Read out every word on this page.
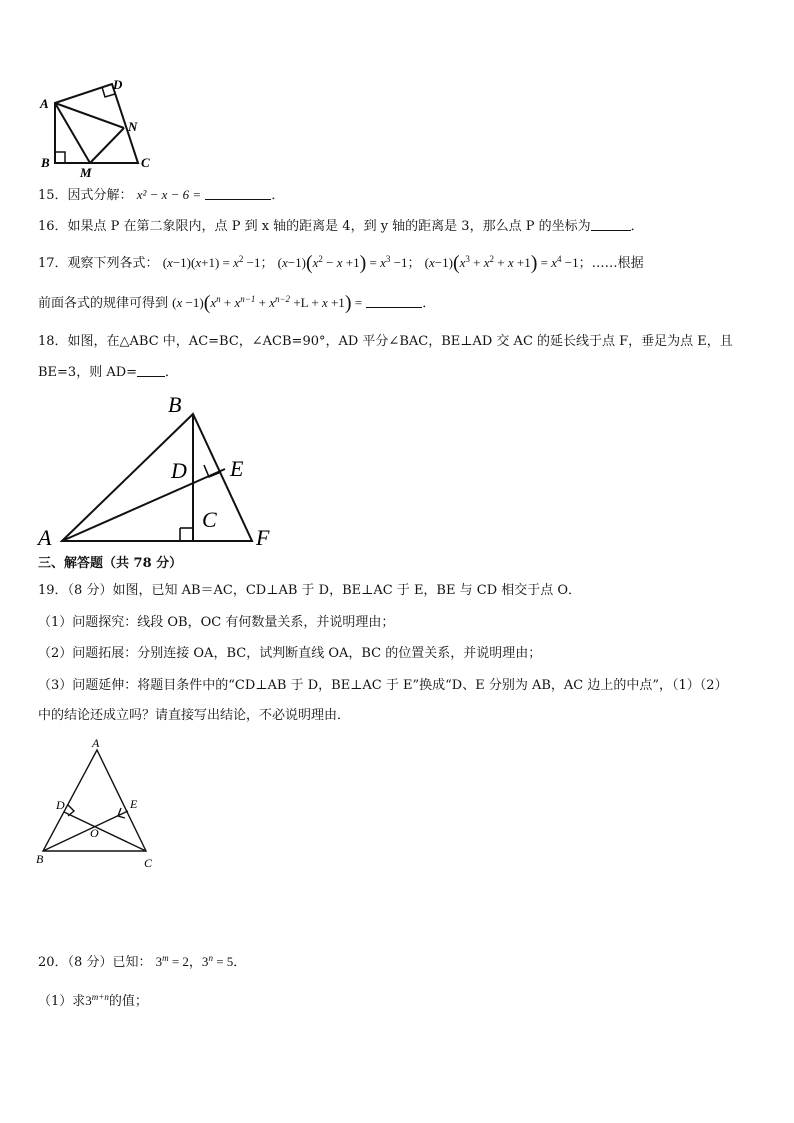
A
D
N
B
M
C
15．因式分解： x² − x − 6 =	．
16．如果点 P 在第二象限内，点 P 到 x 轴的距离是 4，到 y 轴的距离是 3，那么点 P 的坐标为	．
17．观察下列各式： $(x-1)(x+1) = x^2 -1$； $(x-1)(x^2 - x +1) = x^3 -1$； $(x-1)(x^3 + x^2 + x +1) = x^4 -1$；……根据
前面各式的规律可得到 $(x -1)(x^n + x^{n-1} + x^{n-2} +L + x +1)$ =	．
18．如图，在△ABC 中，AC=BC，∠ACB=90°，AD 平分∠BAC，BE⊥AD 交 AC 的延长线于点 F，垂足为点 E，且
BE=3，则 AD= ．
B
D E
C
A	F
三、解答题（共 78 分）
19．（8 分）如图，已知 AB＝AC，CD⊥AB 于 D，BE⊥AC 于 E，BE 与 CD 相交于点 O．
（1）问题探究：线段 OB，OC 有何数量关系，并说明理由；
（2）问题拓展：分别连接 OA，BC，试判断直线 OA，BC 的位置关系，并说明理由；
（3）问题延伸：将题目条件中的“CD⊥AB 于 D，BE⊥AC 于 E”换成“D、E 分别为 AB，AC 边上的中点”，（1）（2）
中的结论还成立吗？请直接写出结论，不必说明理由．
A
D	E
O
B	C
20．（8 分）已知： $3^m = 2$，$3^n = 5$．
（1）求$3^{m+n}$的值；
